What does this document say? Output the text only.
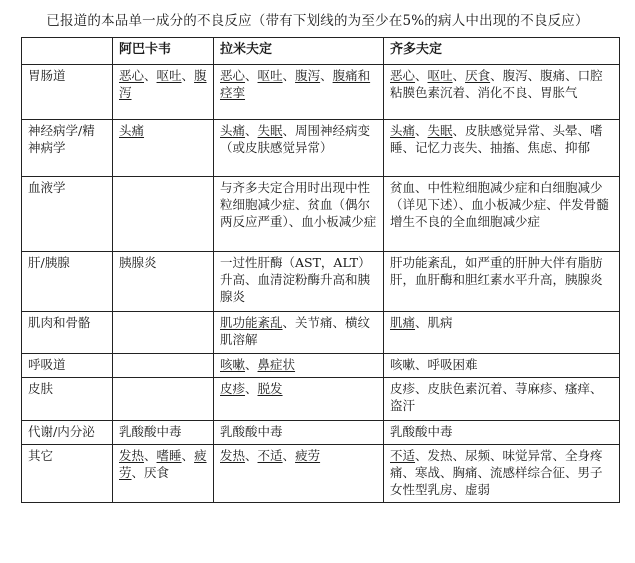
已报道的本品单一成分的不良反应（带有下划线的为至少在5%的病人中出现的不良反应）
	阿巴卡韦	拉米夫定	齐多夫定
胃肠道	恶心、呕吐、腹泻	恶心、呕吐、腹泻、腹痛和痉挛	恶心、呕吐、厌食、腹泻、腹痛、口腔粘膜色素沉着、消化不良、胃胀气

神经病学/精神病学	头痛	头痛、失眠、周围神经病变（或皮肤感觉异常）	头痛、失眠、皮肤感觉异常、头晕、嗜睡、记忆力丧失、抽搐、焦虑、抑郁

血液学		与齐多夫定合用时出现中性粒细胞减少症、贫血（偶尔两反应严重）、血小板减少症	贫血、中性粒细胞减少症和白细胞减少（详见下述）、血小板减少症、伴发骨髓增生不良的全血细胞减少症

肝/胰腺	胰腺炎	一过性肝酶（AST，ALT）升高、血清淀粉酶升高和胰腺炎	肝功能紊乱，如严重的肝肿大伴有脂肪肝，血肝酶和胆红素水平升高，胰腺炎

肌肉和骨骼		肌功能紊乱、关节痛、横纹肌溶解	肌痛、肌病

呼吸道		咳嗽、鼻症状	咳嗽、呼吸困难

皮肤		皮疹、脱发	皮疹、皮肤色素沉着、荨麻疹、瘙痒、盗汗

代谢/内分泌	乳酸酸中毒	乳酸酸中毒	乳酸酸中毒

其它	发热、嗜睡、疲劳、厌食	发热、不适、疲劳	不适、发热、尿频、味觉异常、全身疼痛、寒战、胸痛、流感样综合征、男子女性型乳房、虚弱
